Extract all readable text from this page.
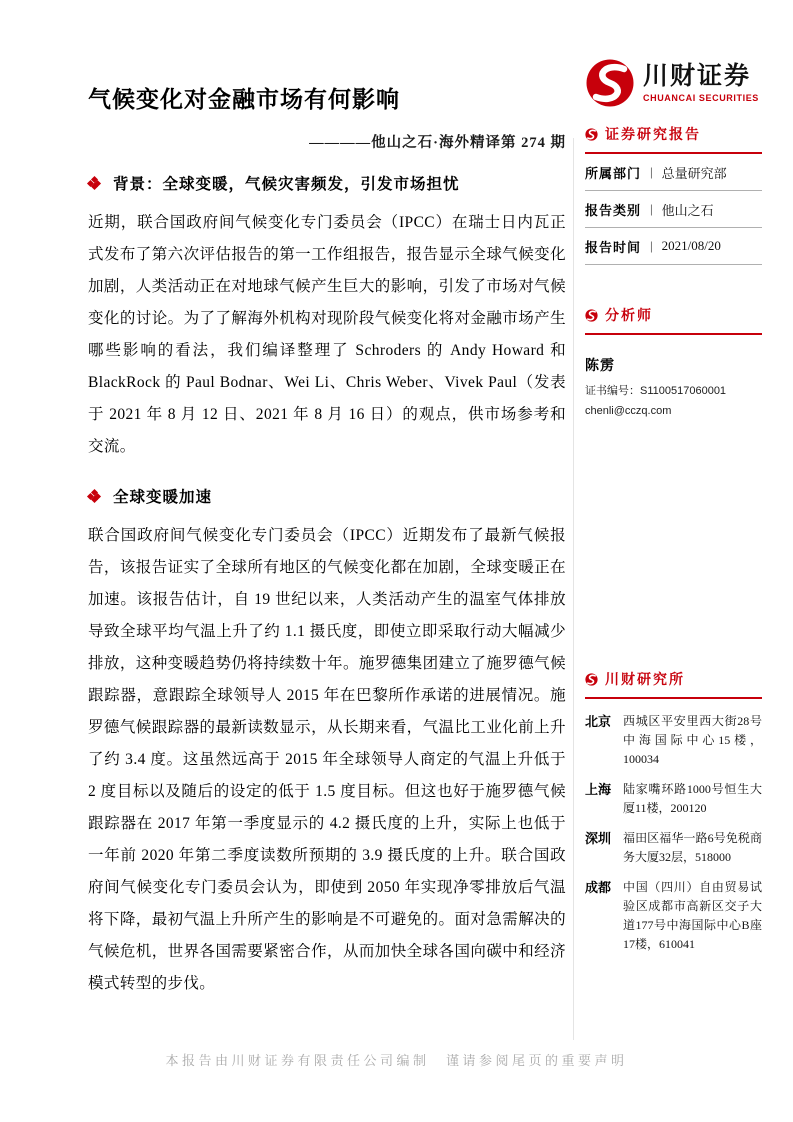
气候变化对金融市场有何影响
————他山之石·海外精译第 274 期
背景：全球变暖，气候灾害频发，引发市场担忧

近期，联合国政府间气候变化专门委员会（IPCC）在瑞士日内瓦正式发布了第六次评估报告的第一工作组报告，报告显示全球气候变化加剧，人类活动正在对地球气候产生巨大的影响，引发了市场对气候变化的讨论。为了了解海外机构对现阶段气候变化将对金融市场产生哪些影响的看法，我们编译整理了 Schroders 的 Andy Howard 和 BlackRock 的 Paul Bodnar、Wei Li、Chris Weber、Vivek Paul（发表于 2021 年 8 月 12 日、2021 年 8 月 16 日）的观点，供市场参考和交流。

全球变暖加速

联合国政府间气候变化专门委员会（IPCC）近期发布了最新气候报告，该报告证实了全球所有地区的气候变化都在加剧，全球变暖正在加速。该报告估计，自 19 世纪以来，人类活动产生的温室气体排放导致全球平均气温上升了约 1.1 摄氏度，即使立即采取行动大幅减少排放，这种变暖趋势仍将持续数十年。施罗德集团建立了施罗德气候跟踪器，意跟踪全球领导人 2015 年在巴黎所作承诺的进展情况。施罗德气候跟踪器的最新读数显示，从长期来看，气温比工业化前上升了约 3.4 度。这虽然远高于 2015 年全球领导人商定的气温上升低于 2 度目标以及随后的设定的低于 1.5 度目标。但这也好于施罗德气候跟踪器在 2017 年第一季度显示的 4.2 摄氏度的上升，实际上也低于一年前 2020 年第二季度读数所预期的 3.9 摄氏度的上升。联合国政府间气候变化专门委员会认为，即使到 2050 年实现净零排放后气温将下降，最初气温上升所产生的影响是不可避免的。面对急需解决的气候危机，世界各国需要紧密合作，从而加快全球各国向碳中和经济模式转型的步伐。

川财证券
CHUANCAI SECURITIES
证券研究报告
所属部门 | 总量研究部
报告类别 | 他山之石
报告时间 | 2021/08/20
分析师
陈雳
证书编号：S1100517060001
chenli@cczq.com
川财研究所
北京 西城区平安里西大街28号中海国际中心15楼，100034
上海 陆家嘴环路1000号恒生大厦11楼，200120
深圳 福田区福华一路6号免税商务大厦32层，518000
成都 中国（四川）自由贸易试验区成都市高新区交子大道177号中海国际中心B座17楼，610041
本报告由川财证券有限责任公司编制　谨请参阅尾页的重要声明
